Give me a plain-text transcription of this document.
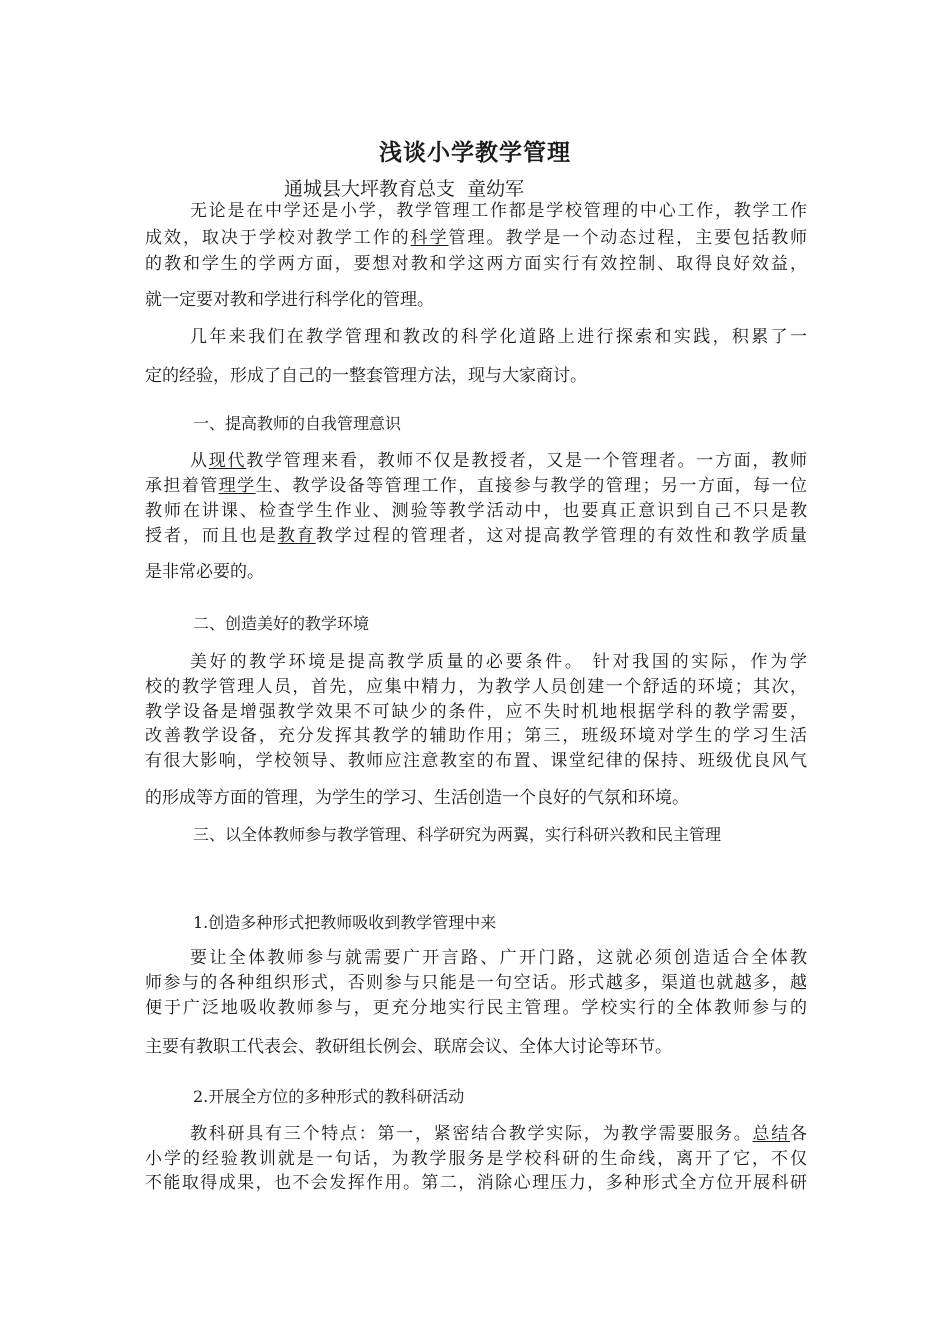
浅谈小学教学管理
通城县大坪教育总支  童幼军
无论是在中学还是小学，教学管理工作都是学校管理的中心工作，教学工作
成效，取决于学校对教学工作的科学管理。教学是一个动态过程，主要包括教师
的教和学生的学两方面，要想对教和学这两方面实行有效控制、取得良好效益，
就一定要对教和学进行科学化的管理。
几年来我们在教学管理和教改的科学化道路上进行探索和实践，积累了一
定的经验，形成了自己的一整套管理方法，现与大家商讨。
一、提高教师的自我管理意识
从现代教学管理来看，教师不仅是教授者，又是一个管理者。一方面，教师
承担着管理学生、教学设备等管理工作，直接参与教学的管理；另一方面，每一位
教师在讲课、检查学生作业、测验等教学活动中，也要真正意识到自己不只是教
授者，而且也是教育教学过程的管理者，这对提高教学管理的有效性和教学质量
是非常必要的。
二、创造美好的教学环境
美好的教学环境是提高教学质量的必要条件。 针对我国的实际，作为学
校的教学管理人员，首先，应集中精力，为教学人员创建一个舒适的环境；其次，
教学设备是增强教学效果不可缺少的条件，应不失时机地根据学科的教学需要，
改善教学设备，充分发挥其教学的辅助作用；第三，班级环境对学生的学习生活
有很大影响，学校领导、教师应注意教室的布置、课堂纪律的保持、班级优良风气
的形成等方面的管理，为学生的学习、生活创造一个良好的气氛和环境。
三、以全体教师参与教学管理、科学研究为两翼，实行科研兴教和民主管理
1.创造多种形式把教师吸收到教学管理中来
要让全体教师参与就需要广开言路、广开门路，这就必须创造适合全体教
师参与的各种组织形式，否则参与只能是一句空话。形式越多，渠道也就越多，越
便于广泛地吸收教师参与，更充分地实行民主管理。学校实行的全体教师参与的
主要有教职工代表会、教研组长例会、联席会议、全体大讨论等环节。
2.开展全方位的多种形式的教科研活动
教科研具有三个特点：第一，紧密结合教学实际，为教学需要服务。总结各
小学的经验教训就是一句话，为教学服务是学校科研的生命线，离开了它，不仅
不能取得成果，也不会发挥作用。第二，消除心理压力，多种形式全方位开展科研
